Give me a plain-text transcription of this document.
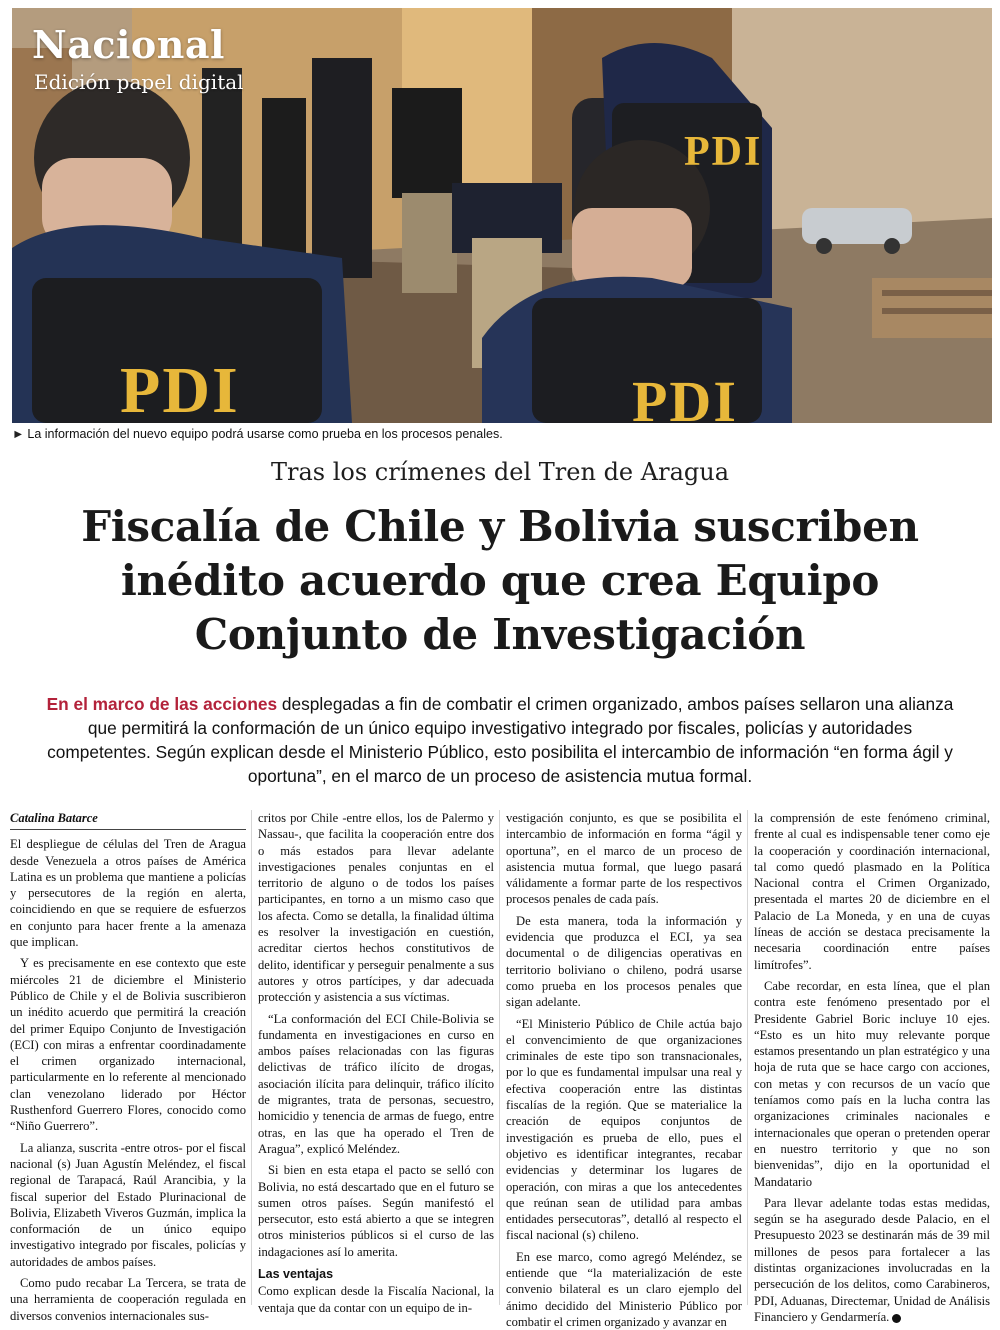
PDI
PDI
PDI
Nacional
Edición papel digital
► La información del nuevo equipo podrá usarse como prueba en los procesos penales.
Tras los crímenes del Tren de Aragua
Fiscalía de Chile y Bolivia suscriben inédito acuerdo que crea Equipo Conjunto de Investigación

En el marco de las acciones desplegadas a fin de combatir el crimen organizado, ambos países sellaron una alianza que permitirá la conformación de un único equipo investigativo integrado por fiscales, policías y autoridades competentes. Según explican desde el Ministerio Público, esto posibilita el intercambio de información “en forma ágil y oportuna”, en el marco de un proceso de asistencia mutua formal.

Catalina Batarce

El despliegue de células del Tren de Aragua desde Venezuela a otros países de América Latina es un problema que mantiene a policías y persecutores de la región en alerta, coincidiendo en que se requiere de esfuerzos en conjunto para hacer frente a la amenaza que implican.

Y es precisamente en ese contexto que este miércoles 21 de diciembre el Ministerio Público de Chile y el de Bolivia suscribieron un inédito acuerdo que permitirá la creación del primer Equipo Conjunto de Investigación (ECI) con miras a enfrentar coordinadamente el crimen organizado internacional, particularmente en lo referente al mencionado clan venezolano liderado por Héctor Rusthenford Guerrero Flores, conocido como “Niño Guerrero”.

La alianza, suscrita -entre otros- por el fiscal nacional (s) Juan Agustín Meléndez, el fiscal regional de Tarapacá, Raúl Arancibia, y la fiscal superior del Estado Plurinacional de Bolivia, Elizabeth Viveros Guzmán, implica la conformación de un único equipo investigativo integrado por fiscales, policías y autoridades de ambos países.

Como pudo recabar La Tercera, se trata de una herramienta de cooperación regulada en diversos convenios internacionales sus-

critos por Chile -entre ellos, los de Palermo y Nassau-, que facilita la cooperación entre dos o más estados para llevar adelante investigaciones penales conjuntas en el territorio de alguno o de todos los países participantes, en torno a un mismo caso que los afecta. Como se detalla, la finalidad última es resolver la investigación en cuestión, acreditar ciertos hechos constitutivos de delito, identificar y perseguir penalmente a sus autores y otros partícipes, y dar adecuada protección y asistencia a sus víctimas.

“La conformación del ECI Chile-Bolivia se fundamenta en investigaciones en curso en ambos países relacionadas con las figuras delictivas de tráfico ilícito de drogas, asociación ilícita para delinquir, tráfico ilícito de migrantes, trata de personas, secuestro, homicidio y tenencia de armas de fuego, entre otras, en las que ha operado el Tren de Aragua”, explicó Meléndez.

Si bien en esta etapa el pacto se selló con Bolivia, no está descartado que en el futuro se sumen otros países. Según manifestó el persecutor, esto está abierto a que se integren otros ministerios públicos si el curso de las indagaciones así lo amerita.

Las ventajas

Como explican desde la Fiscalía Nacional, la ventaja que da contar con un equipo de in-

vestigación conjunto, es que se posibilita el intercambio de información en forma “ágil y oportuna”, en el marco de un proceso de asistencia mutua formal, que luego pasará válidamente a formar parte de los respectivos procesos penales de cada país.

De esta manera, toda la información y evidencia que produzca el ECI, ya sea documental o de diligencias operativas en territorio boliviano o chileno, podrá usarse como prueba en los procesos penales que sigan adelante.

“El Ministerio Público de Chile actúa bajo el convencimiento de que organizaciones criminales de este tipo son transnacionales, por lo que es fundamental impulsar una real y efectiva cooperación entre las distintas fiscalías de la región. Que se materialice la creación de equipos conjuntos de investigación es prueba de ello, pues el objetivo es identificar integrantes, recabar evidencias y determinar los lugares de operación, con miras a que los antecedentes que reúnan sean de utilidad para ambas entidades persecutoras”, detalló al respecto el fiscal nacional (s) chileno.

En ese marco, como agregó Meléndez, se entiende que “la materialización de este convenio bilateral es un claro ejemplo del ánimo decidido del Ministerio Público por combatir el crimen organizado y avanzar en

la comprensión de este fenómeno criminal, frente al cual es indispensable tener como eje la cooperación y coordinación internacional, tal como quedó plasmado en la Política Nacional contra el Crimen Organizado, presentada el martes 20 de diciembre en el Palacio de La Moneda, y en una de cuyas líneas de acción se destaca precisamente la necesaria coordinación entre países limítrofes”.

Cabe recordar, en esta línea, que el plan contra este fenómeno presentado por el Presidente Gabriel Boric incluye 10 ejes. “Esto es un hito muy relevante porque estamos presentando un plan estratégico y una hoja de ruta que se hace cargo con acciones, con metas y con recursos de un vacío que teníamos como país en la lucha contra las organizaciones criminales nacionales e internacionales que operan o pretenden operar en nuestro territorio y que no son bienvenidas”, dijo en la oportunidad el Mandatario

Para llevar adelante todas estas medidas, según se ha asegurado desde Palacio, en el Presupuesto 2023 se destinarán más de 39 mil millones de pesos para fortalecer a las distintas organizaciones involucradas en la persecución de los delitos, como Carabineros, PDI, Aduanas, Directemar, Unidad de Análisis Financiero y Gendarmería.
